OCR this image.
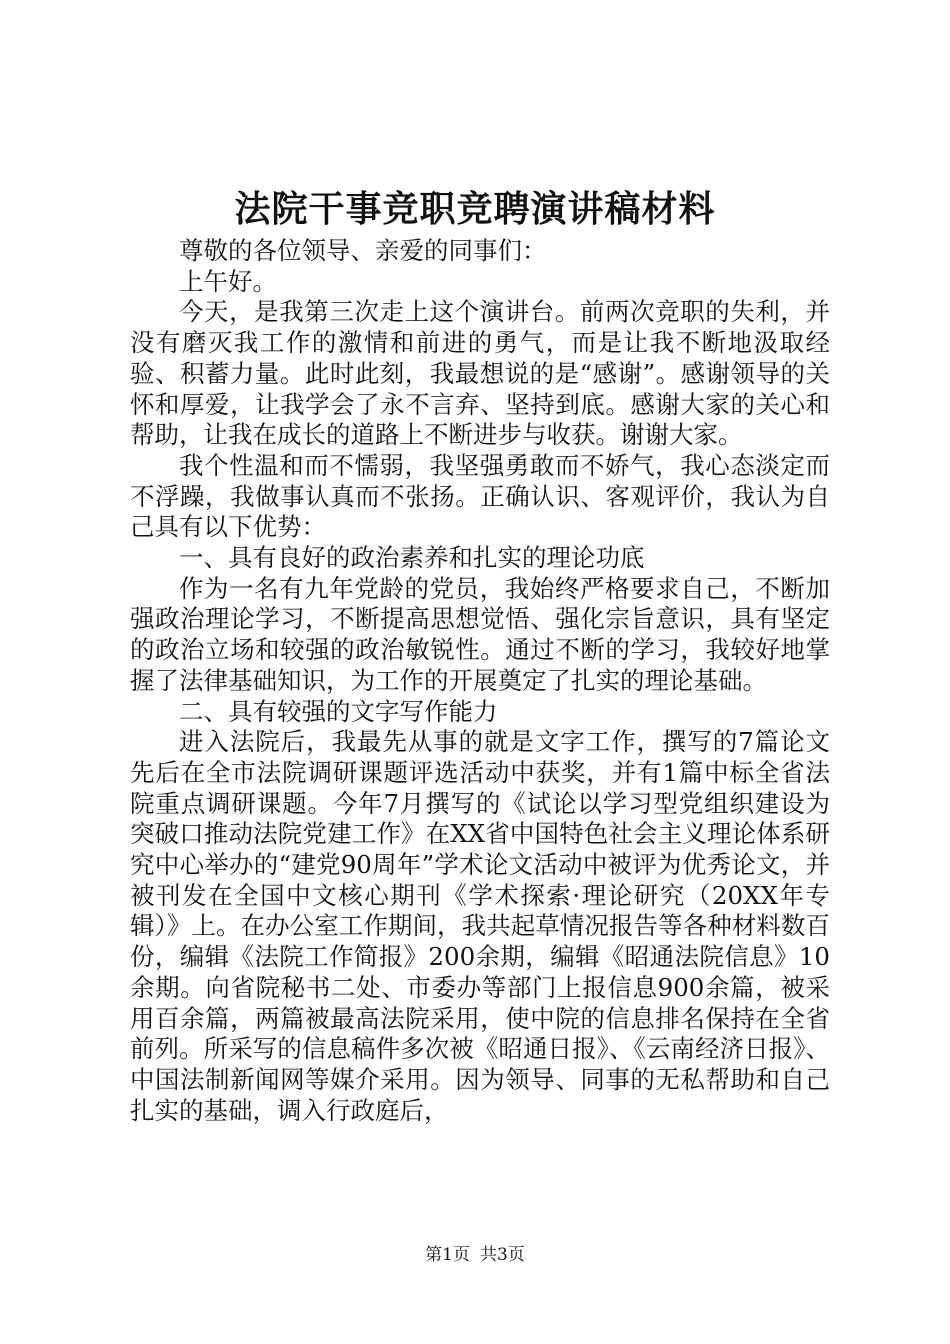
法院干事竞职竞聘演讲稿材料

尊敬的各位领导、亲爱的同事们：

上午好。

今天，是我第三次走上这个演讲台。前两次竞职的失利，并没有磨灭我工作的激情和前进的勇气，而是让我不断地汲取经验、积蓄力量。此时此刻，我最想说的是“感谢”。感谢领导的关怀和厚爱，让我学会了永不言弃、坚持到底。感谢大家的关心和帮助，让我在成长的道路上不断进步与收获。谢谢大家。

我个性温和而不懦弱，我坚强勇敢而不娇气，我心态淡定而不浮躁，我做事认真而不张扬。正确认识、客观评价，我认为自己具有以下优势：

一、具有良好的政治素养和扎实的理论功底

作为一名有九年党龄的党员，我始终严格要求自己，不断加强政治理论学习，不断提高思想觉悟、强化宗旨意识，具有坚定的政治立场和较强的政治敏锐性。通过不断的学习，我较好地掌握了法律基础知识，为工作的开展奠定了扎实的理论基础。

二、具有较强的文字写作能力

进入法院后，我最先从事的就是文字工作，撰写的7篇论文先后在全市法院调研课题评选活动中获奖，并有1篇中标全省法院重点调研课题。今年7月撰写的《试论以学习型党组织建设为突破口推动法院党建工作》在XX省中国特色社会主义理论体系研究中心举办的“建党90周年”学术论文活动中被评为优秀论文，并被刊发在全国中文核心期刊《学术探索·理论研究（20XX年专辑）》上。在办公室工作期间，我共起草情况报告等各种材料数百份，编辑《法院工作简报》200余期，编辑《昭通法院信息》10余期。向省院秘书二处、市委办等部门上报信息900余篇，被采用百余篇，两篇被最高法院采用，使中院的信息排名保持在全省前列。所采写的信息稿件多次被《昭通日报》、《云南经济日报》、中国法制新闻网等媒介采用。因为领导、同事的无私帮助和自己扎实的基础，调入行政庭后，

第1页 共3页
